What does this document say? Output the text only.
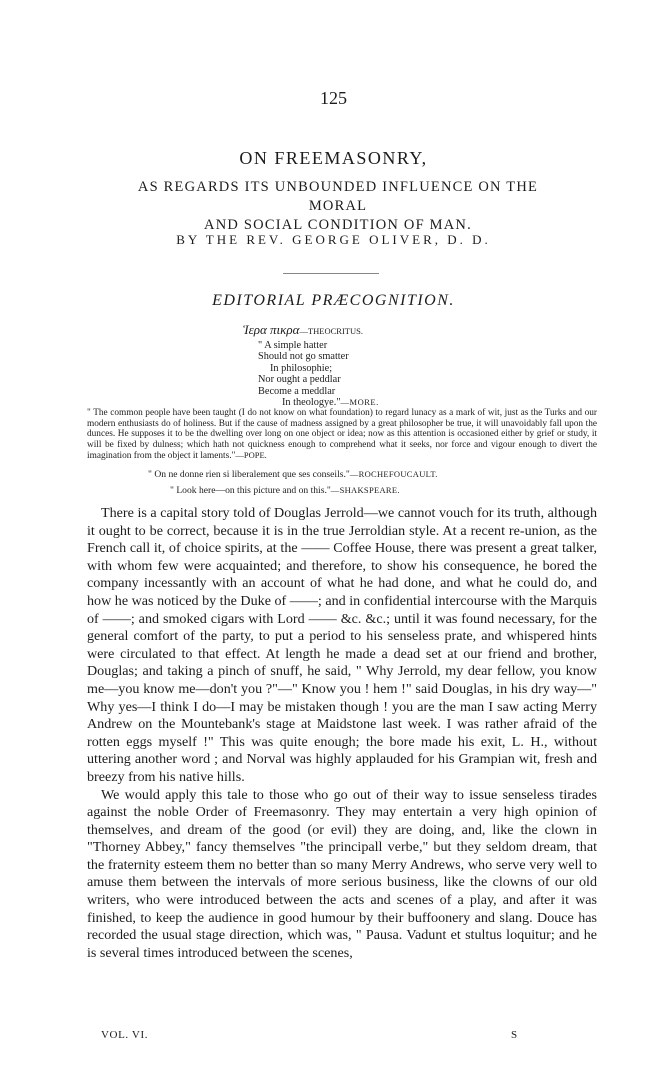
125
ON FREEMASONRY,
AS REGARDS ITS UNBOUNDED INFLUENCE ON THE MORAL
AND SOCIAL CONDITION OF MAN.
BY THE REV. GEORGE OLIVER, D. D.
EDITORIAL PRÆCOGNITION.
Ἱερα πικρα—THEOCRITUS.
" A simple hatter
Should not go smatter
In philosophie;
Nor ought a peddlar
Become a meddlar
In theologye."—MORE.
" The common people have been taught (I do not know on what foundation) to regard lunacy as a mark of wit, just as the Turks and our modern enthusiasts do of holiness. But if the cause of madness assigned by a great philosopher be true, it will unavoidably fall upon the dunces. He supposes it to be the dwelling over long on one object or idea; now as this attention is occasioned either by grief or study, it will be fixed by dulness; which hath not quickness enough to comprehend what it seeks, nor force and vigour enough to divert the imagination from the object it laments."—POPE.
" On ne donne rien si liberalement que ses conseils."—ROCHEFOUCAULT.
" Look here—on this picture and on this."—SHAKSPEARE.

There is a capital story told of Douglas Jerrold—we cannot vouch for its truth, although it ought to be correct, because it is in the true Jerroldian style. At a recent re-union, as the French call it, of choice spirits, at the —— Coffee House, there was present a great talker, with whom few were acquainted; and therefore, to show his consequence, he bored the company incessantly with an account of what he had done, and what he could do, and how he was noticed by the Duke of ——; and in confidential intercourse with the Marquis of ——; and smoked cigars with Lord —— &c. &c.; until it was found necessary, for the general comfort of the party, to put a period to his senseless prate, and whispered hints were circulated to that effect. At length he made a dead set at our friend and brother, Douglas; and taking a pinch of snuff, he said, " Why Jerrold, my dear fellow, you know me—you know me—don't you ?"—" Know you ! hem !" said Douglas, in his dry way—" Why yes—I think I do—I may be mistaken though ! you are the man I saw acting Merry Andrew on the Mountebank's stage at Maidstone last week. I was rather afraid of the rotten eggs myself !" This was quite enough; the bore made his exit, L. H., without uttering another word ; and Norval was highly applauded for his Grampian wit, fresh and breezy from his native hills.

We would apply this tale to those who go out of their way to issue senseless tirades against the noble Order of Freemasonry. They may entertain a very high opinion of themselves, and dream of the good (or evil) they are doing, and, like the clown in "Thorney Abbey," fancy themselves "the principall verbe," but they seldom dream, that the fraternity esteem them no better than so many Merry Andrews, who serve very well to amuse them between the intervals of more serious business, like the clowns of our old writers, who were introduced between the acts and scenes of a play, and after it was finished, to keep the audience in good humour by their buffoonery and slang. Douce has recorded the usual stage direction, which was, " Pausa. Vadunt et stultus loquitur; and he is several times introduced between the scenes,

VOL. VI.	S
